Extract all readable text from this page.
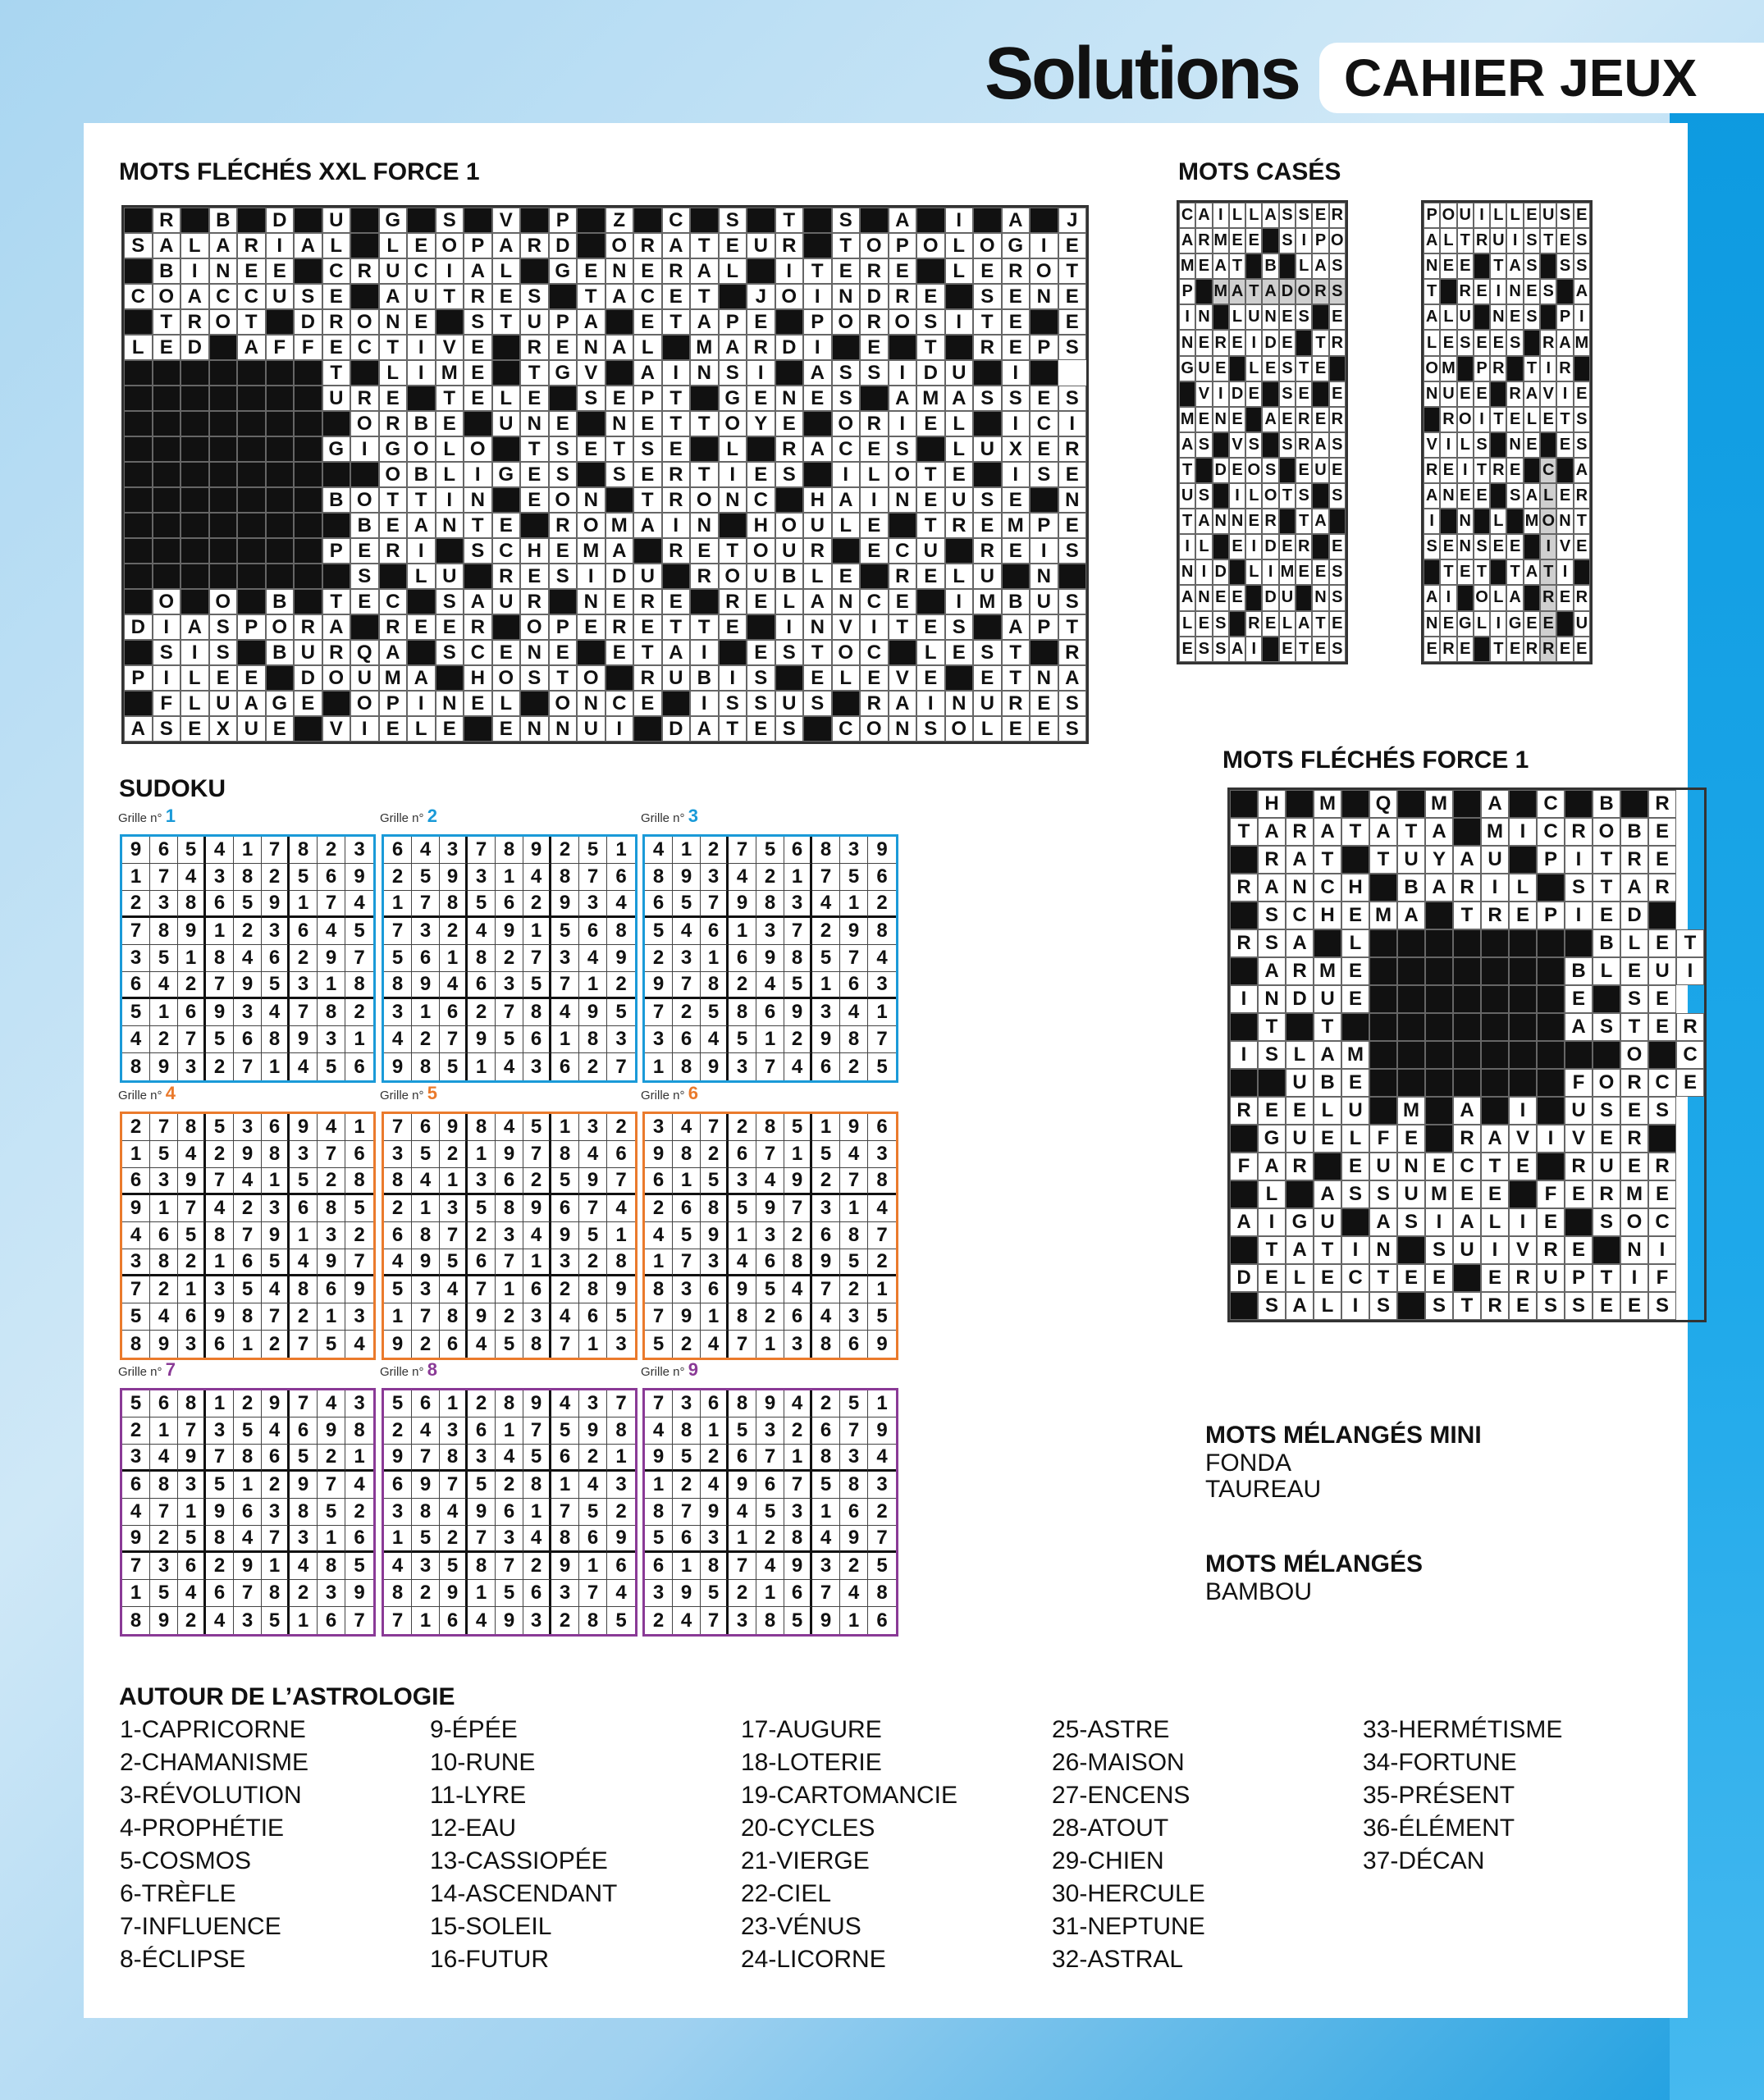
Solutions CAHIER JEUX
MOTS FLÉCHÉS XXL FORCE 1
R	B	D	U	G	S	V	P	Z	C	S	T	S	A	I	A	J
S A L A R I A L	L E O P A R D	O R A T E U R	T O P O L O G I E
B I N E E	C R U C I A L	G E N E R A L	I T E R E	L E R O T
C O A C C U S E	A U T R E S	T A C E T	J O I N D R E	S E N E
T R O T	D R O N E	S T U P A	E T A P E	P O R O S I T E	E
L E D	A F F E C T I V E	R E N A L	M A R D I	E	T	R E P S
T	L I M E	T G V	A I N S I	A S S I D U	I
U R E	T E L E	S E P T	G E N E S	A M A S S E S
O R B E	U N E	N E T T O Y E	O R I E L	I C I
G I G O L O	T S E T S E	L	R A C E S	L U X E R
O B L I G E S	S E R T I E S	I L O T E	I S E
B O T T I N	E O N	T R O N C	H A I N E U S E	N
B E A N T E	R O M A I N	H O U L E	T R E M P E
P E R I	S C H E M A	R E T O U R	E C U	R E I S
S	L U	R E S I D U	R O U B L E	R E L U	N
O	O	B	T E C	S A U R	N E R E	R E L A N C E	I M B U S
D I A S P O R A	R E E R	O P E R E T T E	I N V I T E S	A P T
S I S	B U R Q A	S C E N E	E T A I	E S T O C	L E S T	R
P I L E E	D O U M A	H O S T O	R U B I S	E L E V E	E T N A
F L U A G E	O P I N E L	O N C E	I S S U S	R A I N U R E S
A S E X U E	V I E L E	E N N U I	D A T E S	C O N S O L E E S
MOTS CASÉS
C A I L L A S S E R
A R M E E S I P O
M E A T B L A S
P M A T A D O R S
I N L U N E S E
N E R E I D E T R
G U E L E S T E
V I D E S E E
M E N E A E R E R
A S V S S R A S
T D E O S E U E
U S	I L O T S S
T A N N E R T A
I L E I D E R E
N I D L I M E E S
A N E E D U N S
L E S R E L A T E
E S S A I	E T E S
P O U I L L E U S E
A L T R U I S T E S
N E E T A S S S
T R E I N E S A
A L U N E S P I
L E S E E S R A M
O M P R T I R
N U E E R A V I E
R O I T E L E T S
V I L S N E E S
R E I T R E C A
A N E E S A L E R
I	N L M O N T
S E N S E E	I V E
T E T T A T I
A I	O L A R E R
N E G L I G E E U
E R E T E R R E E
MOTS FLÉCHÉS FORCE 1
H	M	Q	M	A	C	B	R
T A R A T A T A	M I C R O B E
R A T	T U Y A U	P I T R E
R A N C H	B A R I L	S T A R
S C H E M A	T R E P I E D
R S A	L	B L E T
A R M E	B L E U I
I N D U E	E	S E
T	T	A S T E R
I S L A M	O	C
U B E	F O R C E
R E E L U	M	A	I	U S E S
G U E L F E	R A V I V E R
F A R	E U N E C T E	R U E R
L	A S S U M E E	F E R M E
A I G U	A S I A L I E	S O C
T A T I N	S U I V R E	N I
D E L E C T E E	E R U P T I F
S A L I S	S T R E S S E E S
SUDOKU
Grille n° 1
9 6 5 4 1 7 8 2 3
1 7 4 3 8 2 5 6 9
2 3 8 6 5 9 1 7 4
7 8 9 1 2 3 6 4 5
3 5 1 8 4 6 2 9 7
6 4 2 7 9 5 3 1 8
5 1 6 9 3 4 7 8 2
4 2 7 5 6 8 9 3 1
8 9 3 2 7 1 4 5 6
Grille n° 2
6 4 3 7 8 9 2 5 1
2 5 9 3 1 4 8 7 6
1 7 8 5 6 2 9 3 4
7 3 2 4 9 1 5 6 8
5 6 1 8 2 7 3 4 9
8 9 4 6 3 5 7 1 2
3 1 6 2 7 8 4 9 5
4 2 7 9 5 6 1 8 3
9 8 5 1 4 3 6 2 7
Grille n° 3
4 1 2 7 5 6 8 3 9
8 9 3 4 2 1 7 5 6
6 5 7 9 8 3 4 1 2
5 4 6 1 3 7 2 9 8
2 3 1 6 9 8 5 7 4
9 7 8 2 4 5 1 6 3
7 2 5 8 6 9 3 4 1
3 6 4 5 1 2 9 8 7
1 8 9 3 7 4 6 2 5
Grille n° 4
2 7 8 5 3 6 9 4 1
1 5 4 2 9 8 3 7 6
6 3 9 7 4 1 5 2 8
9 1 7 4 2 3 6 8 5
4 6 5 8 7 9 1 3 2
3 8 2 1 6 5 4 9 7
7 2 1 3 5 4 8 6 9
5 4 6 9 8 7 2 1 3
8 9 3 6 1 2 7 5 4
Grille n° 5
7 6 9 8 4 5 1 3 2
3 5 2 1 9 7 8 4 6
8 4 1 3 6 2 5 9 7
2 1 3 5 8 9 6 7 4
6 8 7 2 3 4 9 5 1
4 9 5 6 7 1 3 2 8
5 3 4 7 1 6 2 8 9
1 7 8 9 2 3 4 6 5
9 2 6 4 5 8 7 1 3
Grille n° 6
3 4 7 2 8 5 1 9 6
9 8 2 6 7 1 5 4 3
6 1 5 3 4 9 2 7 8
2 6 8 5 9 7 3 1 4
4 5 9 1 3 2 6 8 7
1 7 3 4 6 8 9 5 2
8 3 6 9 5 4 7 2 1
7 9 1 8 2 6 4 3 5
5 2 4 7 1 3 8 6 9
Grille n° 7
5 6 8 1 2 9 7 4 3
2 1 7 3 5 4 6 9 8
3 4 9 7 8 6 5 2 1
6 8 3 5 1 2 9 7 4
4 7 1 9 6 3 8 5 2
9 2 5 8 4 7 3 1 6
7 3 6 2 9 1 4 8 5
1 5 4 6 7 8 2 3 9
8 9 2 4 3 5 1 6 7
Grille n° 8
5 6 1 2 8 9 4 3 7
2 4 3 6 1 7 5 9 8
9 7 8 3 4 5 6 2 1
6 9 7 5 2 8 1 4 3
3 8 4 9 6 1 7 5 2
1 5 2 7 3 4 8 6 9
4 3 5 8 7 2 9 1 6
8 2 9 1 5 6 3 7 4
7 1 6 4 9 3 2 8 5
Grille n° 9
7 3 6 8 9 4 2 5 1
4 8 1 5 3 2 6 7 9
9 5 2 6 7 1 8 3 4
1 2 4 9 6 7 5 8 3
8 7 9 4 5 3 1 6 2
5 6 3 1 2 8 4 9 7
6 1 8 7 4 9 3 2 5
3 9 5 2 1 6 7 4 8
2 4 7 3 8 5 9 1 6
MOTS MÉLANGÉS MINI
FONDA
TAUREAU
MOTS MÉLANGÉS
BAMBOU
AUTOUR DE L’ASTROLOGIE
1-CAPRICORNE
2-CHAMANISME
3-RÉVOLUTION
4-PROPHÉTIE
5-COSMOS
6-TRÈFLE
7-INFLUENCE
8-ÉCLIPSE
9-ÉPÉE
10-RUNE
11-LYRE
12-EAU
13-CASSIOPÉE
14-ASCENDANT
15-SOLEIL
16-FUTUR
17-AUGURE
18-LOTERIE
19-CARTOMANCIE
20-CYCLES
21-VIERGE
22-CIEL
23-VÉNUS
24-LICORNE
25-ASTRE
26-MAISON
27-ENCENS
28-ATOUT
29-CHIEN
30-HERCULE
31-NEPTUNE
32-ASTRAL
33-HERMÉTISME
34-FORTUNE
35-PRÉSENT
36-ÉLÉMENT
37-DÉCAN
